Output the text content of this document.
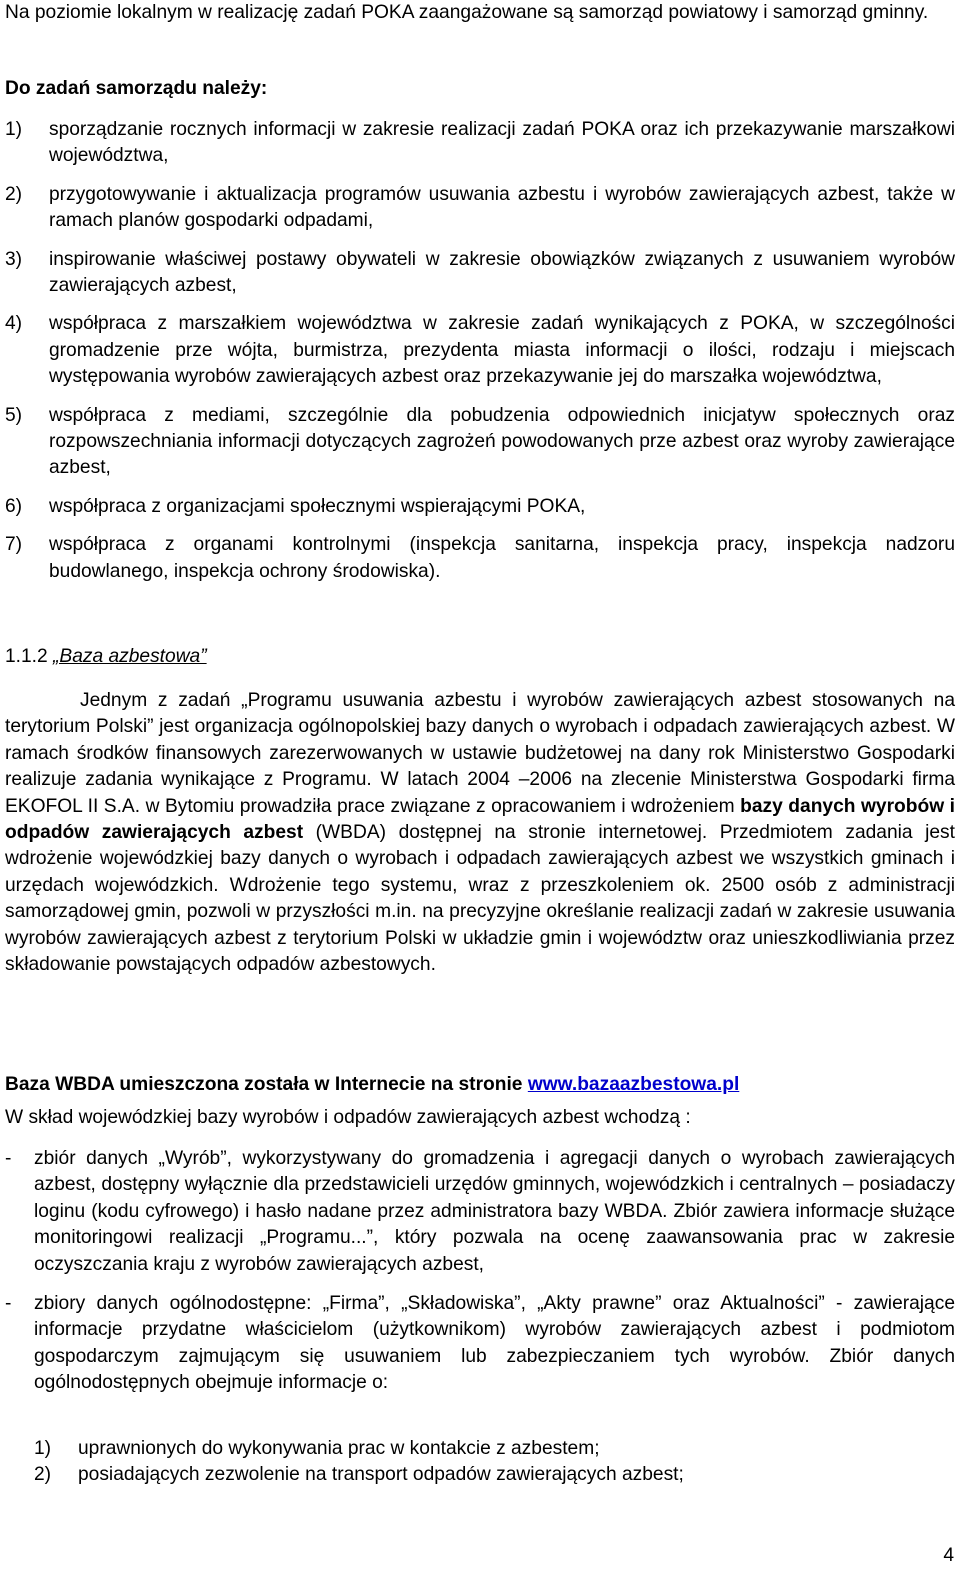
Na poziomie lokalnym w realizację zadań POKA zaangażowane są samorząd powiatowy i samorząd gminny.

Do zadań samorządu należy:

1) sporządzanie rocznych informacji w zakresie realizacji zadań POKA oraz ich przekazywanie marszałkowi województwa,
2) przygotowywanie i aktualizacja programów usuwania azbestu i wyrobów zawierających azbest, także w ramach planów gospodarki odpadami,
3) inspirowanie właściwej postawy obywateli w zakresie obowiązków związanych z usuwaniem wyrobów zawierających azbest,
4) współpraca z marszałkiem województwa w zakresie zadań wynikających z POKA, w szczególności gromadzenie prze wójta, burmistrza, prezydenta miasta informacji o ilości, rodzaju i miejscach występowania wyrobów zawierających azbest oraz przekazywanie jej do marszałka województwa,
5) współpraca z mediami, szczególnie dla pobudzenia odpowiednich inicjatyw społecznych oraz rozpowszechniania informacji dotyczących zagrożeń powodowanych prze azbest oraz wyroby zawierające azbest,
6) współpraca z organizacjami społecznymi wspierającymi POKA,
7) współpraca z organami kontrolnymi (inspekcja sanitarna, inspekcja pracy, inspekcja nadzoru budowlanego, inspekcja ochrony środowiska).

1.1.2 „Baza azbestowa”

Jednym z zadań „Programu usuwania azbestu i wyrobów zawierających azbest stosowanych na terytorium Polski” jest organizacja ogólnopolskiej bazy danych o wyrobach i odpadach zawierających azbest. W ramach środków finansowych zarezerwowanych w ustawie budżetowej na dany rok Ministerstwo Gospodarki realizuje zadania wynikające z Programu. W latach 2004 –2006 na zlecenie Ministerstwa Gospodarki firma EKOFOL II S.A. w Bytomiu prowadziła prace związane z opracowaniem i wdrożeniem bazy danych wyrobów i odpadów zawierających azbest (WBDA) dostępnej na stronie internetowej. Przedmiotem zadania jest wdrożenie wojewódzkiej bazy danych o wyrobach i odpadach zawierających azbest we wszystkich gminach i urzędach wojewódzkich. Wdrożenie tego systemu, wraz z przeszkoleniem ok. 2500 osób z administracji samorządowej gmin, pozwoli w przyszłości m.in. na precyzyjne określanie realizacji zadań w zakresie usuwania wyrobów zawierających azbest z terytorium Polski w układzie gmin i województw oraz unieszkodliwiania przez składowanie powstających odpadów azbestowych.

Baza WBDA umieszczona została w Internecie na stronie www.bazaazbestowa.pl

W skład wojewódzkiej bazy wyrobów i odpadów zawierających azbest wchodzą :

- zbiór danych „Wyrób”, wykorzystywany do gromadzenia i agregacji danych o wyrobach zawierających azbest, dostępny wyłącznie dla przedstawicieli urzędów gminnych, wojewódzkich i centralnych – posiadaczy loginu (kodu cyfrowego) i hasło nadane przez administratora bazy WBDA. Zbiór zawiera informacje służące monitoringowi realizacji „Programu...”, który pozwala na ocenę zaawansowania prac w zakresie oczyszczania kraju z wyrobów zawierających azbest,
- zbiory danych ogólnodostępne: „Firma”, „Składowiska”, „Akty prawne” oraz Aktualności” - zawierające informacje przydatne właścicielom (użytkownikom) wyrobów zawierających azbest i podmiotom gospodarczym zajmującym się usuwaniem lub zabezpieczaniem tych wyrobów. Zbiór danych ogólnodostępnych obejmuje informacje o:
1) uprawnionych do wykonywania prac w kontakcie z azbestem;
2) posiadających zezwolenie na transport odpadów zawierających azbest;
4
